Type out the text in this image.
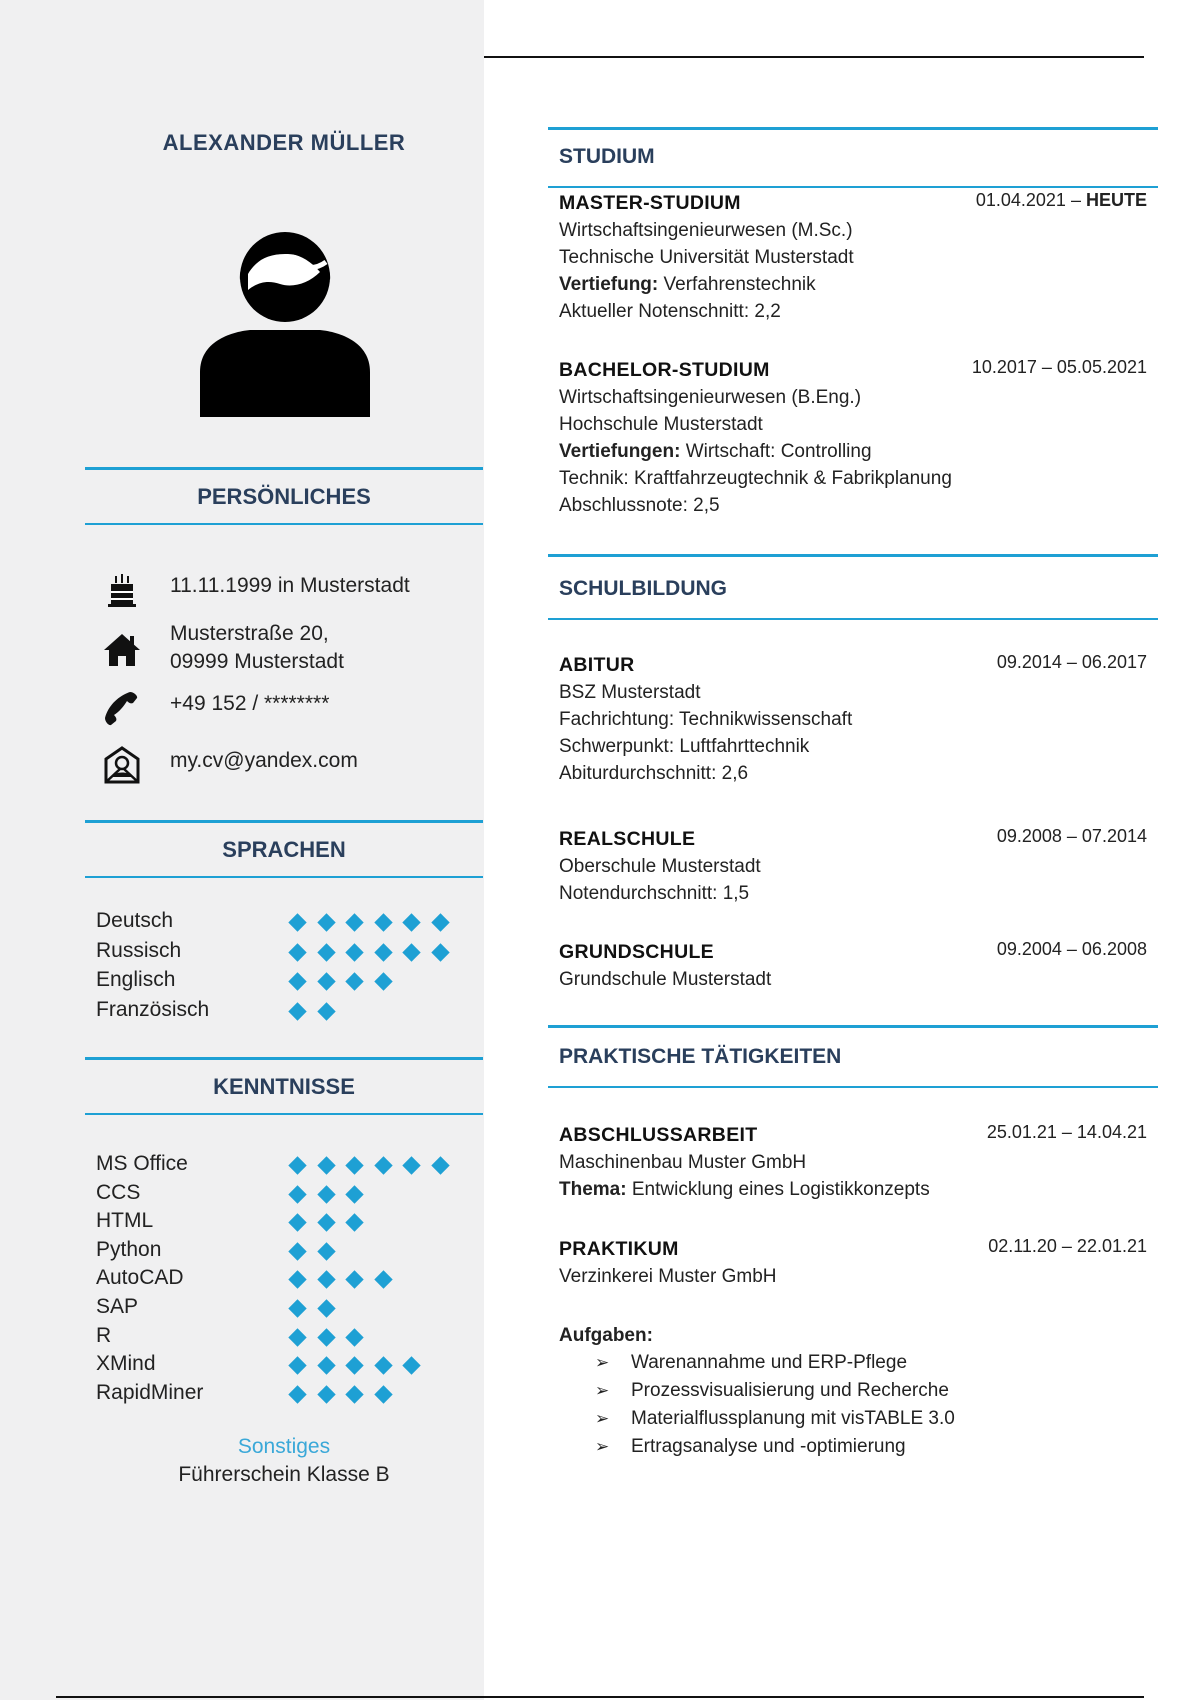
ALEXANDER MÜLLER
PERSÖNLICHES
11.11.1999 in Musterstadt
Musterstraße 20,
09999 Musterstadt
+49 152 / ********
my.cv@yandex.com
SPRACHEN
Deutsch
Russisch
Englisch
Französisch
KENNTNISSE
MS Office
CCS
HTML
Python
AutoCAD
SAP
R
XMind
RapidMiner
Sonstiges
Führerschein Klasse B
STUDIUM
MASTER-STUDIUM	01.04.2021 – HEUTE
Wirtschaftsingenieurwesen (M.Sc.)
Technische Universität Musterstadt
Vertiefung: Verfahrenstechnik
Aktueller Notenschnitt: 2,2
BACHELOR-STUDIUM	10.2017 – 05.05.2021
Wirtschaftsingenieurwesen (B.Eng.)
Hochschule Musterstadt
Vertiefungen: Wirtschaft: Controlling
Technik: Kraftfahrzeugtechnik & Fabrikplanung
Abschlussnote: 2,5
SCHULBILDUNG
ABITUR	09.2014 – 06.2017
BSZ Musterstadt
Fachrichtung: Technikwissenschaft
Schwerpunkt: Luftfahrttechnik
Abiturdurchschnitt: 2,6
REALSCHULE	09.2008 – 07.2014
Oberschule Musterstadt
Notendurchschnitt: 1,5
GRUNDSCHULE	09.2004 – 06.2008
Grundschule Musterstadt
PRAKTISCHE TÄTIGKEITEN
ABSCHLUSSARBEIT	25.01.21 – 14.04.21
Maschinenbau Muster GmbH
Thema: Entwicklung eines Logistikkonzepts
PRAKTIKUM	02.11.20 – 22.01.21
Verzinkerei Muster GmbH
Aufgaben:
➢ Warenannahme und ERP-Pflege
➢ Prozessvisualisierung und Recherche
➢ Materialflussplanung mit visTABLE 3.0
➢ Ertragsanalyse und -optimierung
